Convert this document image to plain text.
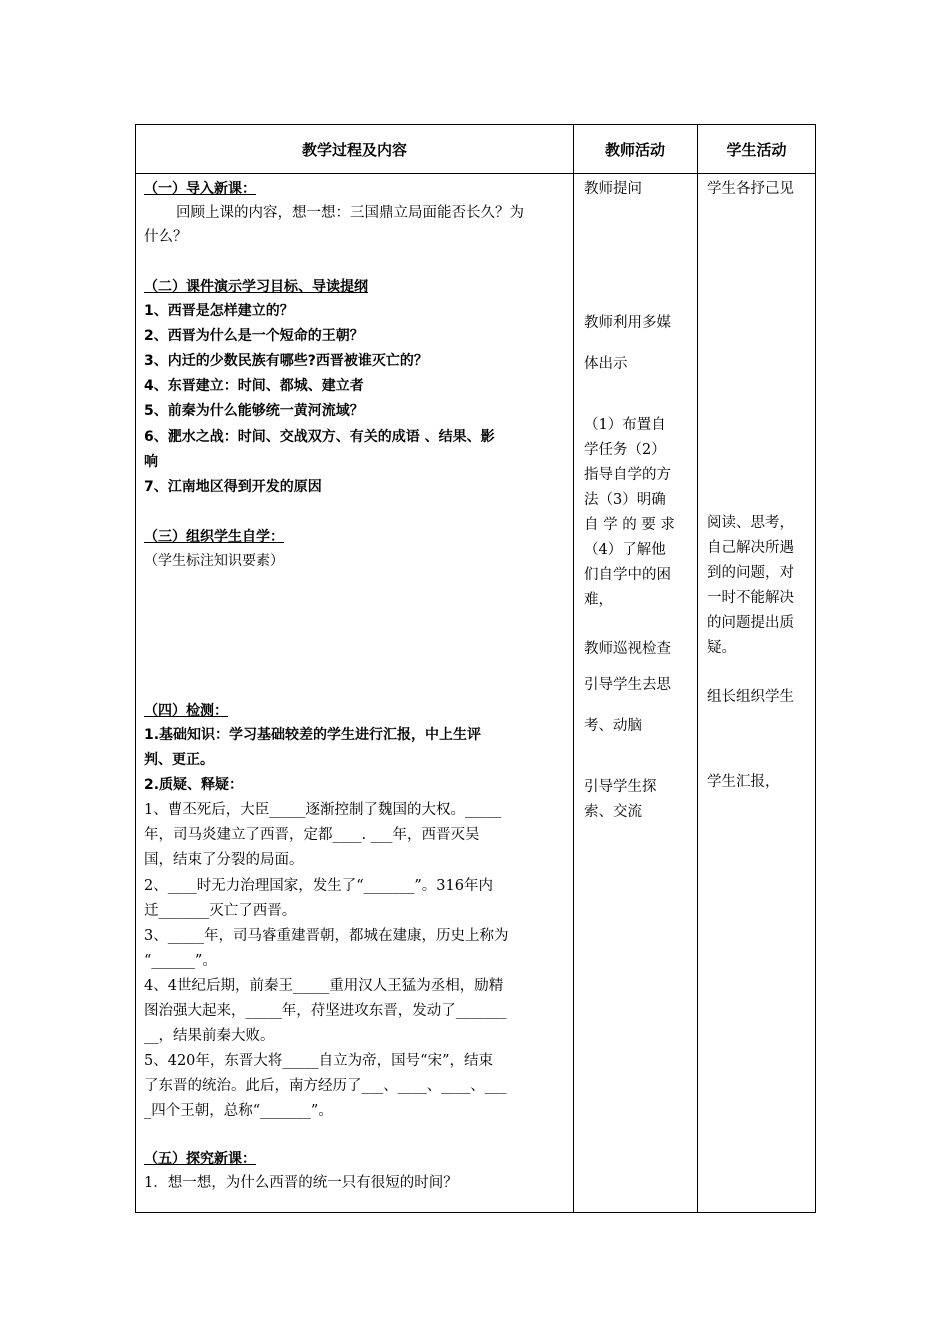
教学过程及内容	教师活动	学生活动
（一）导入新课：
回顾上课的内容，想一想：三国鼎立局面能否长久？为
什么？
（二）课件演示学习目标、导读提纲
1、西晋是怎样建立的？
2、西晋为什么是一个短命的王朝？
3、内迁的少数民族有哪些?西晋被谁灭亡的？
4、东晋建立：时间、都城、建立者
5、前秦为什么能够统一黄河流域？
6、淝水之战：时间、交战双方、有关的成语 、结果、影
响
7、江南地区得到开发的原因
（三）组织学生自学：
（学生标注知识要素）
（四）检测：
1.基础知识：学习基础较差的学生进行汇报，中上生评
判、更正。
2.质疑、释疑：
1、曹丕死后，大臣_____逐渐控制了魏国的大权。_____
年，司马炎建立了西晋，定都____. ___年，西晋灭吴
国，结束了分裂的局面。
2、____时无力治理国家，发生了“_______”。316年内
迁_______灭亡了西晋。
3、_____年，司马睿重建晋朝，都城在建康，历史上称为
“______”。
4、4世纪后期，前秦王_____重用汉人王猛为丞相，励精
图治强大起来，_____年，苻坚进攻东晋，发动了_______
__，结果前秦大败。
5、420年，东晋大将_____自立为帝，国号“宋”，结束
了东晋的统治。此后，南方经历了___、____、____、___
_四个王朝，总称“_______”。
（五）探究新课：
1．想一想，为什么西晋的统一只有很短的时间？
教师提问
教师利用多媒
体出示
（1）布置自
学任务（2）
指导自学的方
法（3）明确
自 学 的 要 求
（4）了解他
们自学中的困
难，
教师巡视检查
引导学生去思
考、动脑
引导学生探
索、交流
学生各抒己见
阅读、思考，
自己解决所遇
到的问题，对
一时不能解决
的问题提出质
疑。
组长组织学生
学生汇报，
